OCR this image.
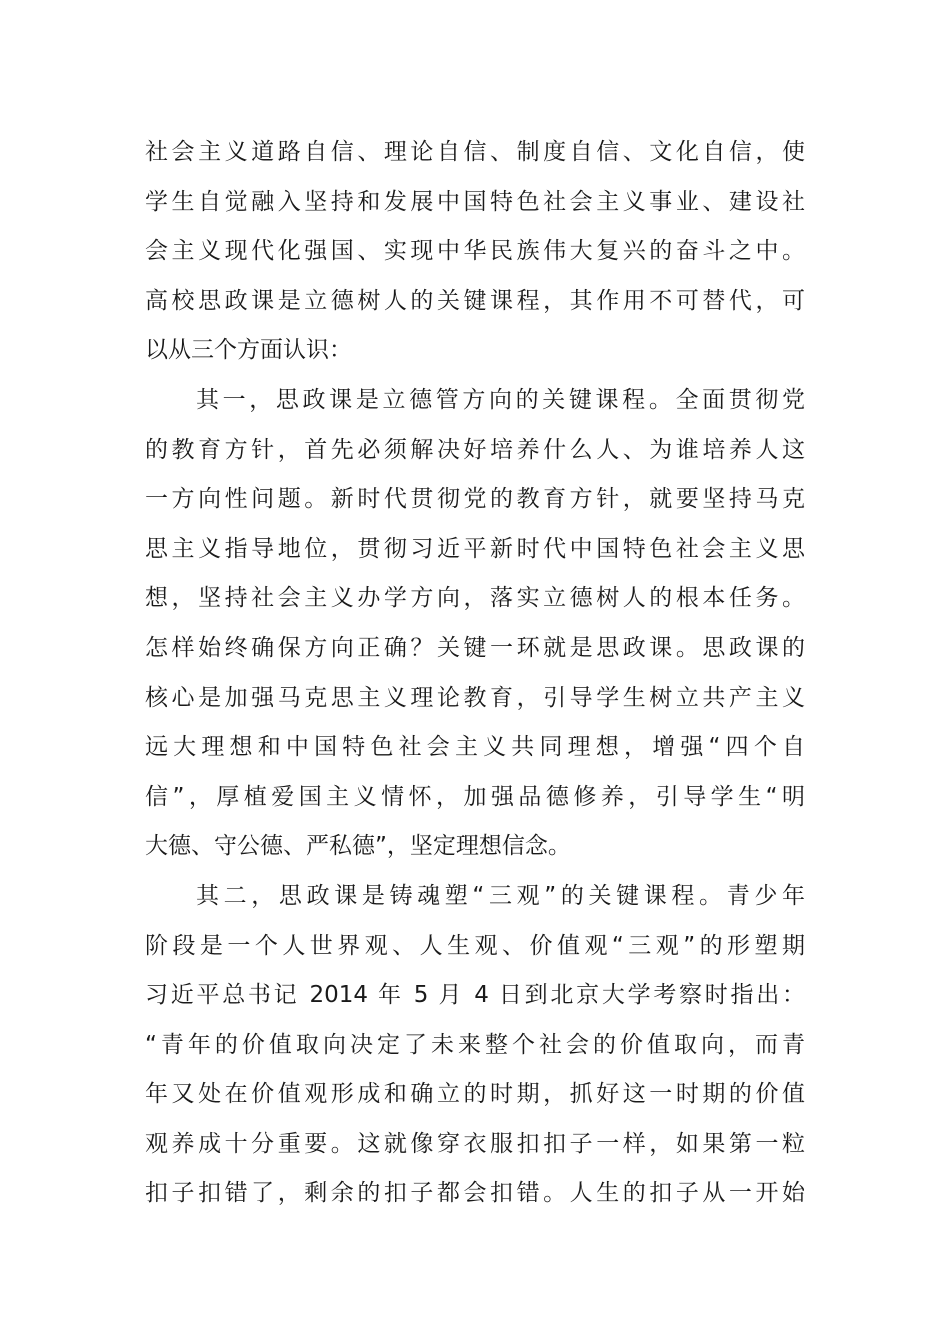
社会主义道路自信、理论自信、制度自信、文化自信，使
学生自觉融入坚持和发展中国特色社会主义事业、建设社
会主义现代化强国、实现中华民族伟大复兴的奋斗之中。
高校思政课是立德树人的关键课程，其作用不可替代，可
以从三个方面认识：
其一，思政课是立德管方向的关键课程。全面贯彻党
的教育方针，首先必须解决好培养什么人、为谁培养人这
一方向性问题。新时代贯彻党的教育方针，就要坚持马克
思主义指导地位，贯彻习近平新时代中国特色社会主义思
想，坚持社会主义办学方向，落实立德树人的根本任务。
怎样始终确保方向正确？关键一环就是思政课。思政课的
核心是加强马克思主义理论教育，引导学生树立共产主义
远大理想和中国特色社会主义共同理想，增强“四个自
信”，厚植爱国主义情怀，加强品德修养，引导学生“明
大德、守公德、严私德”，坚定理想信念。
其二，思政课是铸魂塑“三观”的关键课程。青少年
阶段是一个人世界观、人生观、价值观“三观”的形塑期
习近平总书记 2014 年 5 月 4 日到北京大学考察时指出：
“青年的价值取向决定了未来整个社会的价值取向，而青
年又处在价值观形成和确立的时期，抓好这一时期的价值
观养成十分重要。这就像穿衣服扣扣子一样，如果第一粒
扣子扣错了，剩余的扣子都会扣错。人生的扣子从一开始
